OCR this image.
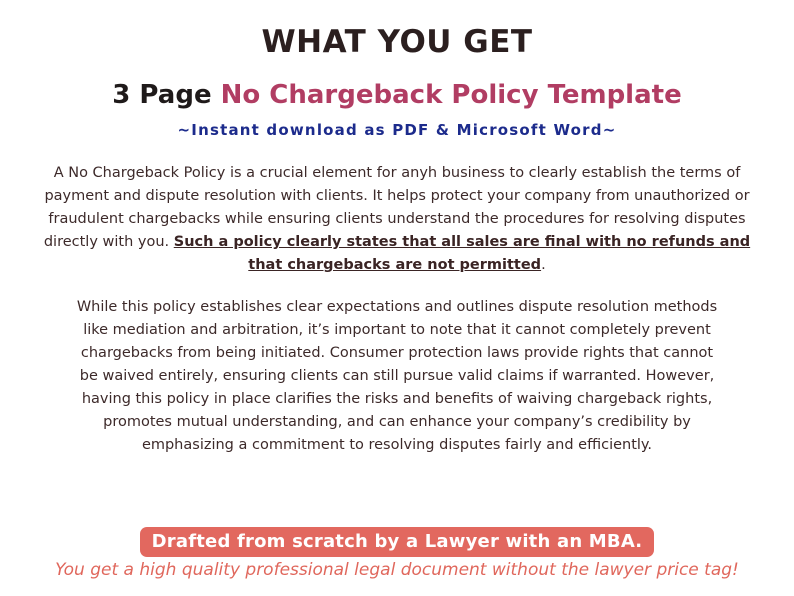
WHAT YOU GET
3 Page No Chargeback Policy Template
~Instant download as PDF & Microsoft Word~

A No Chargeback Policy is a crucial element for anyh business to clearly establish the terms of payment and dispute resolution with clients. It helps protect your company from unauthorized or fraudulent chargebacks while ensuring clients understand the procedures for resolving disputes directly with you. Such a policy clearly states that all sales are final with no refunds and that chargebacks are not permitted.

While this policy establishes clear expectations and outlines dispute resolution methods like mediation and arbitration, it’s important to note that it cannot completely prevent chargebacks from being initiated. Consumer protection laws provide rights that cannot be waived entirely, ensuring clients can still pursue valid claims if warranted. However, having this policy in place clarifies the risks and benefits of waiving chargeback rights, promotes mutual understanding, and can enhance your company’s credibility by emphasizing a commitment to resolving disputes fairly and efficiently.

Drafted from scratch by a Lawyer with an MBA.
You get a high quality professional legal document without the lawyer price tag!
